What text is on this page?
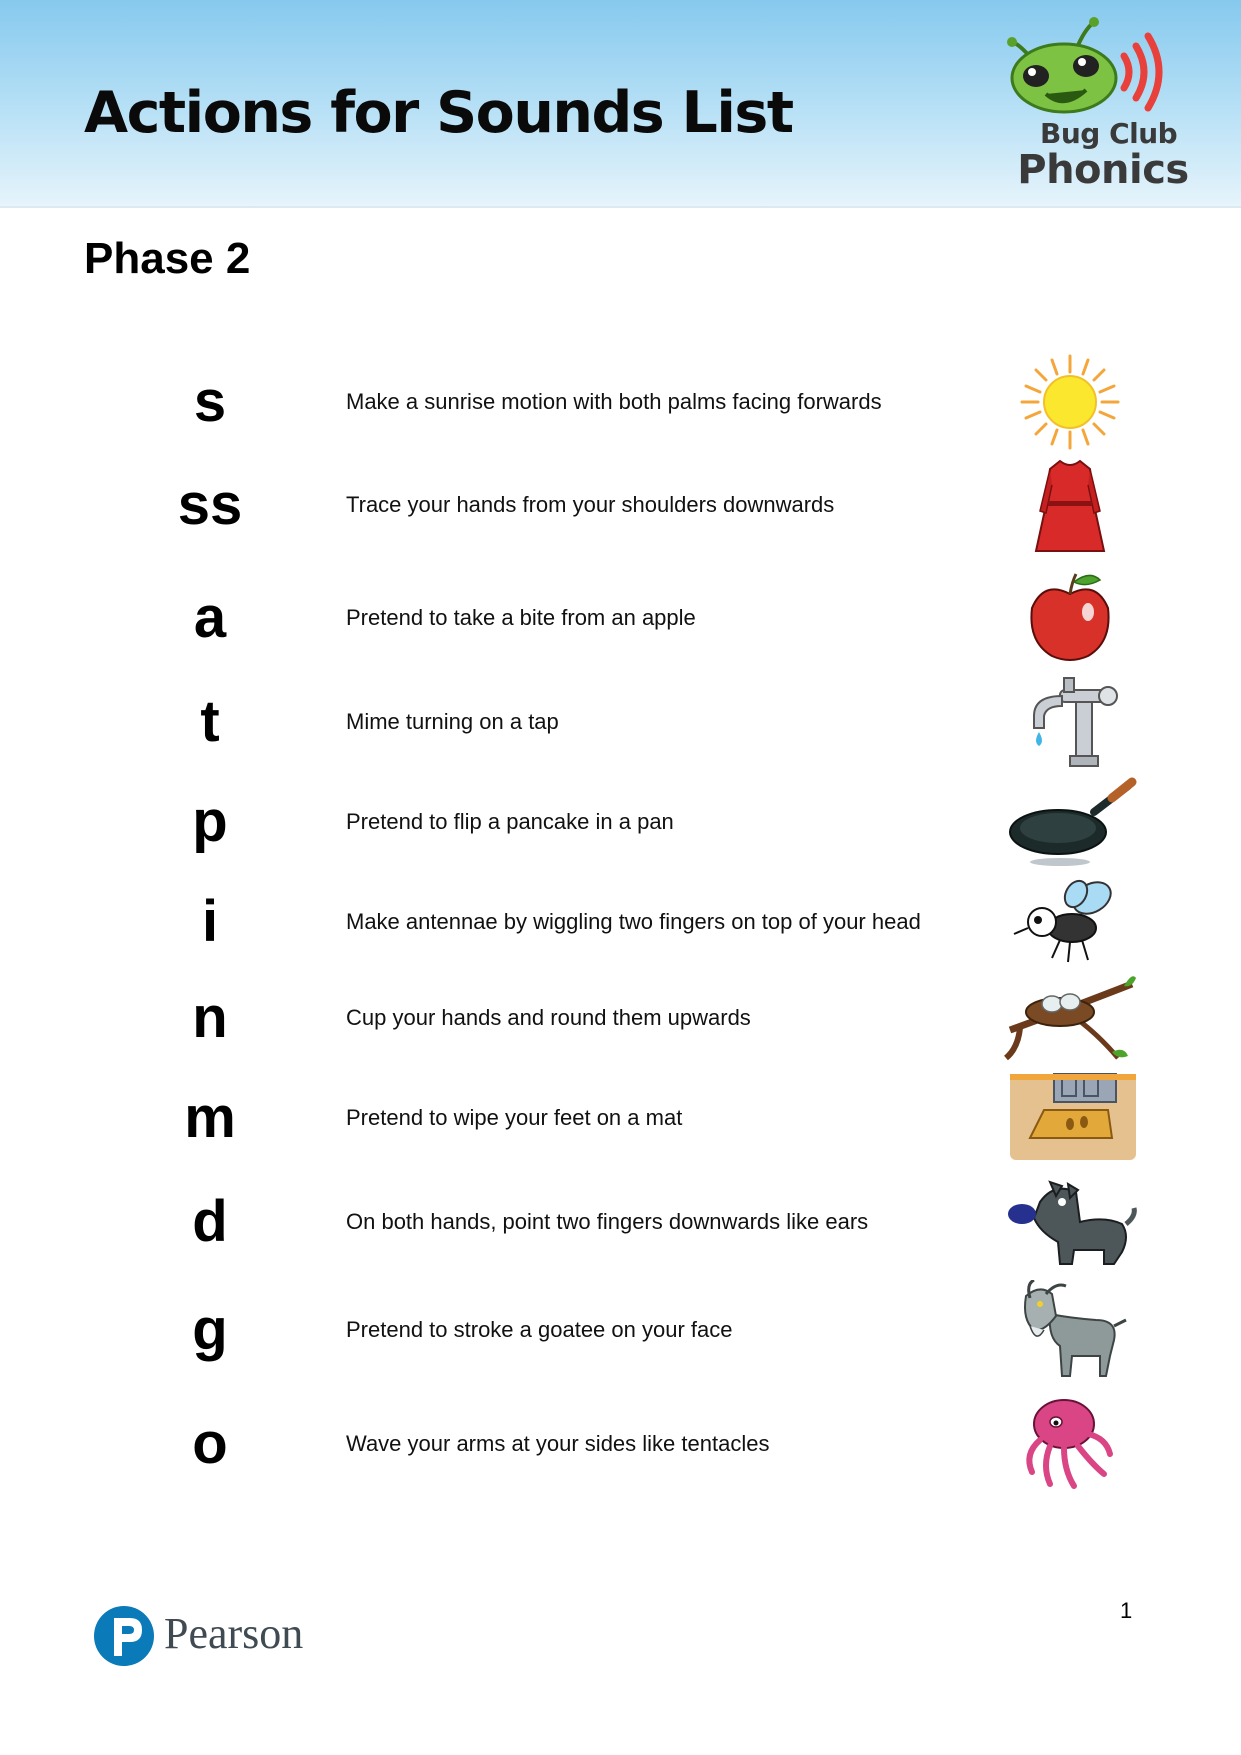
Actions for Sounds List	Bug Club
Phonics
Phase 2
s	Make a sunrise motion with both palms facing forwards
ss	Trace your hands from your shoulders downwards
a	Pretend to take a bite from an apple
t	Mime turning on a tap
p	Pretend to flip a pancake in a pan
i	Make antennae by wiggling two fingers on top of your head
n	Cup your hands and round them upwards
m	Pretend to wipe your feet on a mat
d	On both hands, point two fingers downwards like ears
g	Pretend to stroke a goatee on your face
o	Wave your arms at your sides like tentacles
Pearson	1
